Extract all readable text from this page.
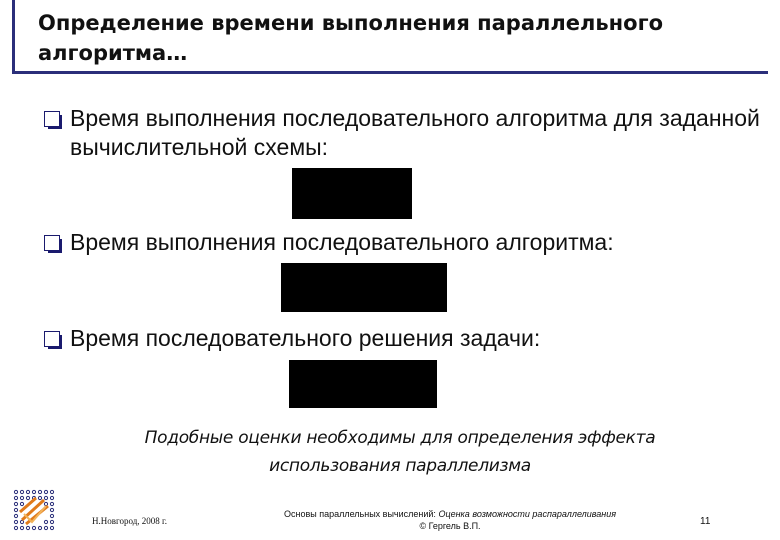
Определение времени выполнения параллельного алгоритма…
Время выполнения последовательного алгоритма для заданной вычислительной схемы:
Время выполнения последовательного алгоритма:
Время последовательного решения задачи:
Подобные оценки необходимы для определения эффекта
использования параллелизма
Н.Новгород, 2008 г.
Основы параллельных вычислений: Оценка возможности распараллеливания
© Гергель В.П.	11
